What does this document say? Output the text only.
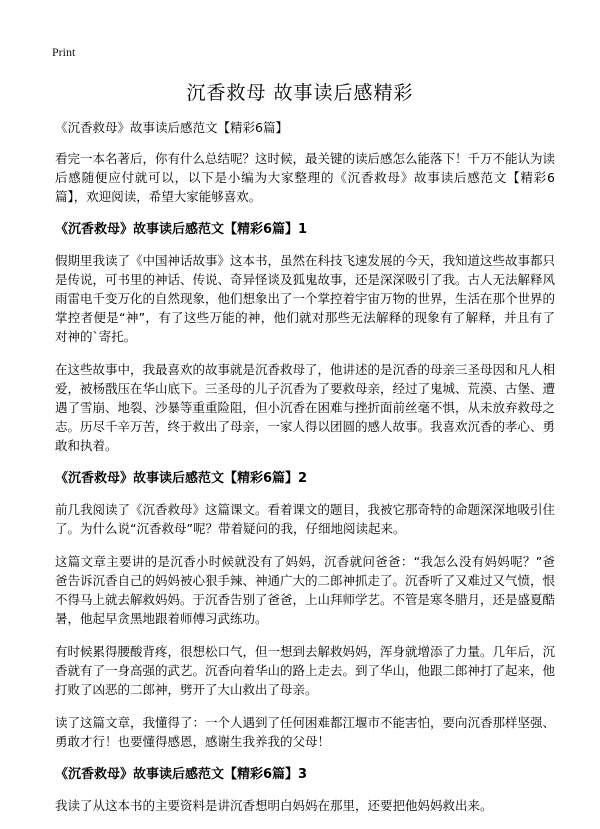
Print
沉香救母 故事读后感精彩

《沉香救母》故事读后感范文【精彩6篇】

看完一本名著后，你有什么总结呢？这时候，最关键的读后感怎么能落下！千万不能认为读后感随便应付就可以，以下是小编为大家整理的《沉香救母》故事读后感范文【精彩6篇】，欢迎阅读，希望大家能够喜欢。

《沉香救母》故事读后感范文【精彩6篇】1

假期里我读了《中国神话故事》这本书，虽然在科技飞速发展的今天，我知道这些故事都只是传说，可书里的神话、传说、奇异怪谈及狐鬼故事，还是深深吸引了我。古人无法解释风雨雷电千变万化的自然现象，他们想象出了一个掌控着宇宙万物的世界，生活在那个世界的掌控者便是“神”，有了这些万能的神，他们就对那些无法解释的现象有了解释，并且有了对神的`寄托。

在这些故事中，我最喜欢的故事就是沉香救母了，他讲述的是沉香的母亲三圣母因和凡人相爱，被杨戬压在华山底下。三圣母的儿子沉香为了要救母亲，经过了鬼城、荒漠、古堡、遭遇了雪崩、地裂、沙暴等重重险阻，但小沉香在困难与挫折面前丝毫不惧，从未放弃救母之志。历尽千辛万苦，终于救出了母亲，一家人得以团圆的感人故事。我喜欢沉香的孝心、勇敢和执着。

《沉香救母》故事读后感范文【精彩6篇】2

前几我阅读了《沉香救母》这篇课文。看着课文的题目，我被它那奇特的命题深深地吸引住了。为什么说“沉香救母”呢？带着疑问的我，仔细地阅读起来。

这篇文章主要讲的是沉香小时候就没有了妈妈，沉香就问爸爸：“我怎么没有妈妈呢？”爸爸告诉沉香自己的妈妈被心狠手辣、神通广大的二郎神抓走了。沉香听了又难过又气愤，恨不得马上就去解救妈妈。于沉香告别了爸爸，上山拜师学艺。不管是寒冬腊月，还是盛夏酷暑，他起早贪黑地跟着师傅习武练功。

有时候累得腰酸背疼，很想松口气，但一想到去解救妈妈，浑身就增添了力量。几年后，沉香就有了一身高强的武艺。沉香向着华山的路上走去。到了华山，他跟二郎神打了起来，他打败了凶恶的二郎神，劈开了大山救出了母亲。

读了这篇文章，我懂得了：一个人遇到了任何困难都江堰市不能害怕，要向沉香那样坚强、勇敢才行！也要懂得感恩，感谢生我养我的父母！

《沉香救母》故事读后感范文【精彩6篇】3

我读了从这本书的主要资料是讲沉香想明白妈妈在那里，还要把他妈妈救出来。
